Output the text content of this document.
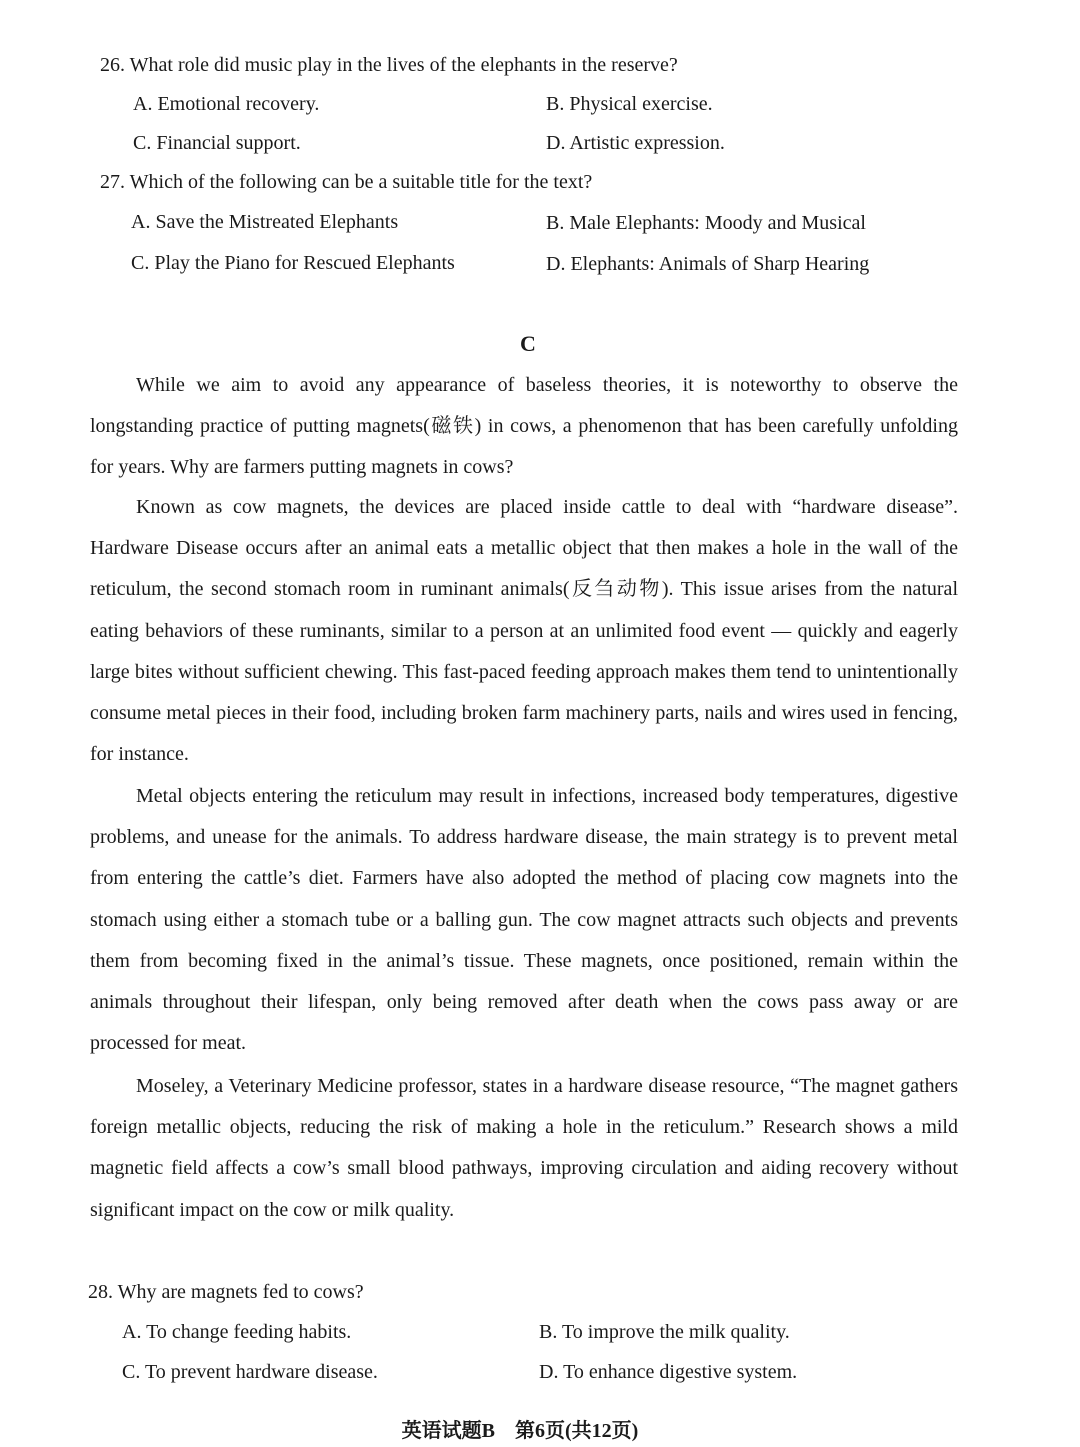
26. What role did music play in the lives of the elephants in the reserve?
A. Emotional recovery.	B. Physical exercise.
C. Financial support.	D. Artistic expression.
27. Which of the following can be a suitable title for the text?
A. Save the Mistreated Elephants	B. Male Elephants: Moody and Musical
C. Play the Piano for Rescued Elephants	D. Elephants: Animals of Sharp Hearing
C

While we aim to avoid any appearance of baseless theories, it is noteworthy to observe the longstanding practice of putting magnets(磁铁) in cows, a phenomenon that has been carefully unfolding for years. Why are farmers putting magnets in cows?

Known as cow magnets, the devices are placed inside cattle to deal with “hardware disease”. Hardware Disease occurs after an animal eats a metallic object that then makes a hole in the wall of the reticulum, the second stomach room in ruminant animals(反刍动物). This issue arises from the natural eating behaviors of these ruminants, similar to a person at an unlimited food event — quickly and eagerly large bites without sufficient chewing. This fast-paced feeding approach makes them tend to unintentionally consume metal pieces in their food, including broken farm machinery parts, nails and wires used in fencing, for instance.

Metal objects entering the reticulum may result in infections, increased body temperatures, digestive problems, and unease for the animals. To address hardware disease, the main strategy is to prevent metal from entering the cattle’s diet. Farmers have also adopted the method of placing cow magnets into the stomach using either a stomach tube or a balling gun. The cow magnet attracts such objects and prevents them from becoming fixed in the animal’s tissue. These magnets, once positioned, remain within the animals throughout their lifespan, only being removed after death when the cows pass away or are processed for meat.

Moseley, a Veterinary Medicine professor, states in a hardware disease resource, “The magnet gathers foreign metallic objects, reducing the risk of making a hole in the reticulum.” Research shows a mild magnetic field affects a cow’s small blood pathways, improving circulation and aiding recovery without significant impact on the cow or milk quality.

28. Why are magnets fed to cows?
A. To change feeding habits.	B. To improve the milk quality.
C. To prevent hardware disease.	D. To enhance digestive system.
英语试题B　第6页(共12页)
